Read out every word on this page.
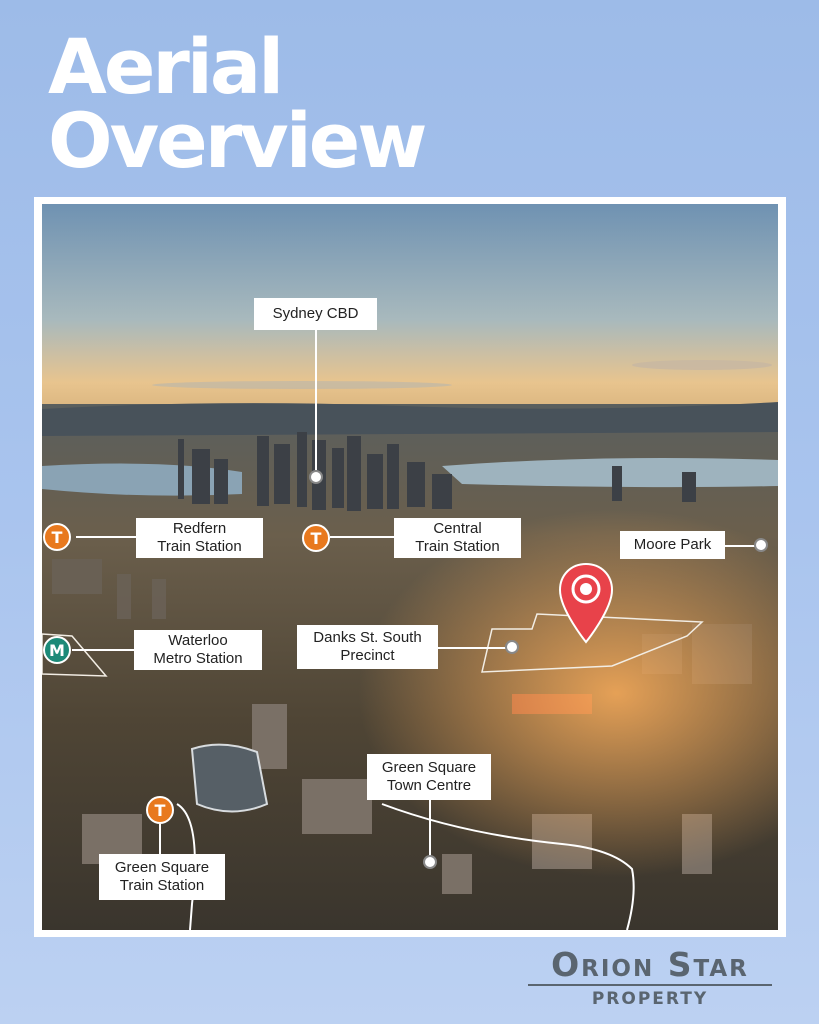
Aerial
Overview
T	T
M
T
Sydney CBD
Redfern
Train Station
Central
Train Station	Moore Park
Waterloo
Metro Station
Danks St. South
Precinct
Green Square
Town Centre
Green Square
Train Station
Orion Star
PROPERTY
